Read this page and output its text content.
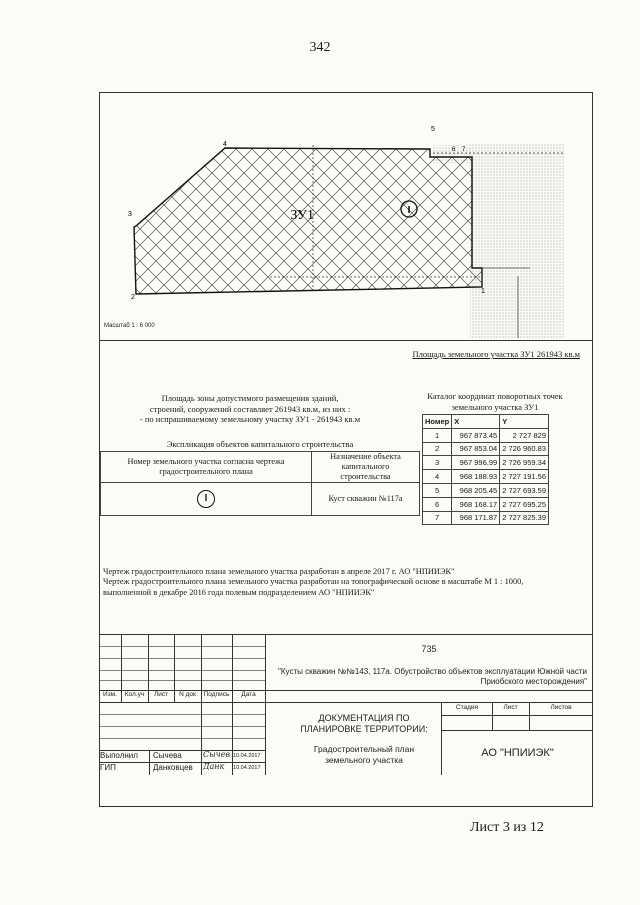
342
ЗУ1	I
1
2
3
4
5
6 7
Масштаб 1 : 6 000
Площадь земельного участка ЗУ1 261943 кв.м
Площадь зоны допустимого размещения зданий,
строений, сооружений составляет 261943 кв.м, из них :
- по испрашиваемому земельному участку ЗУ1 - 261943 кв.м
Каталог координат поворотных точек
земельного участка ЗУ1
Номер	X	Y
1	967 873.45	2 727 829
2	967 853.04	2 726 960.83
3	967 996.99	2 726 959.34
4	968 188.93	2 727 191.56
5	968 205.45	2 727 693.59
6	968 168.17	2 727 695.25
7	968 171.87	2 727 825.39
Экспликация объектов капитального строительства
Номер земельного участка согласна чертежа градостроительного плана	Назначение объекта капитального строительства
I	Куст скважин №117а
Чертеж градостроительного плана земельного участка разработан в апреле 2017 г. АО "НПИИЭК"
Чертеж градостроительного плана земельного участка разработан на топографической основе в масштабе М 1 : 1000,
выполненной в декабре 2016 года полевым подразделением АО "НПИИЭК"
Изм.	Кол.уч	Лист	N док	Подпись	Дата
735
"Кусты скважин №№143, 117а. Обустройство объектов эксплуатации Южной части Приобского месторождения"
Стадия	Лист	Листов
ДОКУМЕНТАЦИЯ ПО ПЛАНИРОВКЕ ТЕРРИТОРИИ:
Градостроительный план земельного участка
АО "НПИИЭК"
Выполнил	Сычева	Сычев 10.04.2017
ГИП	Данковцев	Данк	10.04.2017
Лист 3 из 12
